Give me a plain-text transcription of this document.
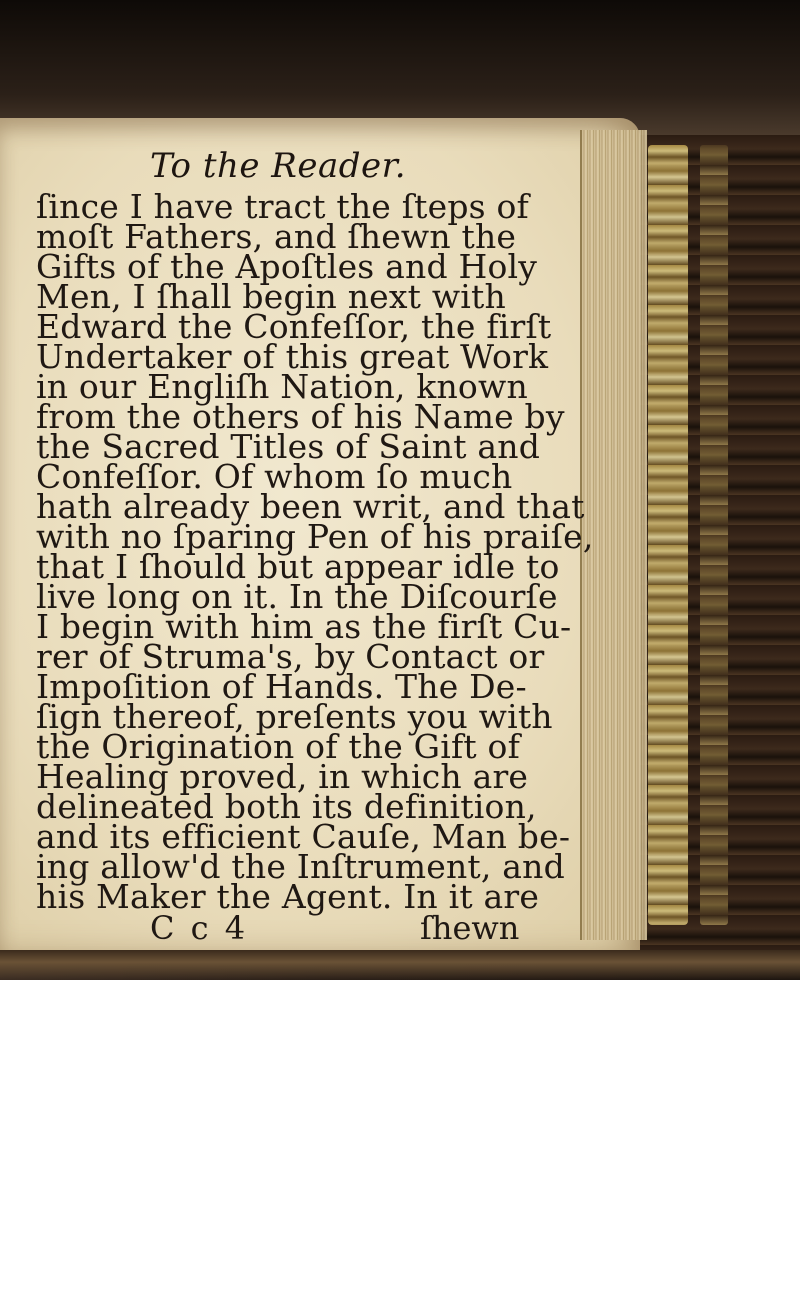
To the Reader.
ſince I have tract the ſteps of
moſt Fathers, and ſhewn the
Gifts of the Apoſtles and Holy
Men, I ſhall begin next with
Edward the Confeſſor, the firſt
Undertaker of this great Work
in our Engliſh Nation, known
from the others of his Name by
the Sacred Titles of Saint and
Confeſſor. Of whom ſo much
hath already been writ, and that
with no ſparing Pen of his praiſe,
that I ſhould but appear idle to
live long on it. In the Diſcourſe
I begin with him as the firſt Cu-
rer of Struma's, by Contact or
Impoſition of Hands. The De-
ſign thereof, preſents you with
the Origination of the Gift of
Healing proved, in which are
delineated both its definition,
and its efficient Cauſe, Man be-
ing allow'd the Inſtrument, and
his Maker the Agent. In it are
C c 4	ſhewn
